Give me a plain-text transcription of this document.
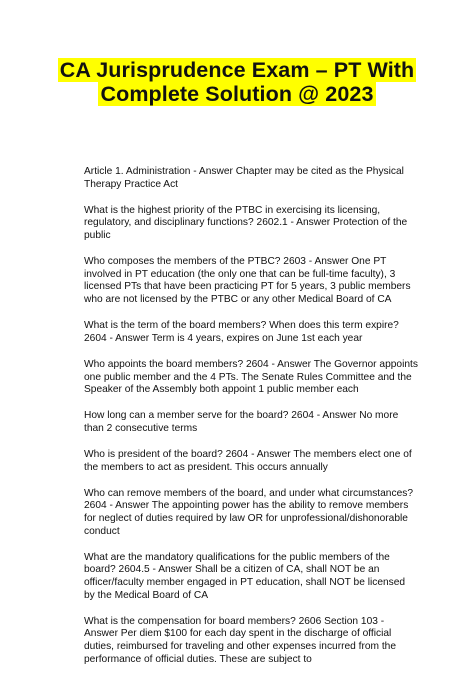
CA Jurisprudence Exam – PT With
Complete Solution @ 2023

Article 1. Administration - Answer Chapter may be cited as the Physical Therapy Practice Act

What is the highest priority of the PTBC in exercising its licensing, regulatory, and disciplinary functions? 2602.1 - Answer Protection of the public

Who composes the members of the PTBC? 2603 - Answer One PT involved in PT education (the only one that can be full-time faculty), 3 licensed PTs that have been practicing PT for 5 years, 3 public members who are not licensed by the PTBC or any other Medical Board of CA

What is the term of the board members? When does this term expire? 2604 - Answer Term is 4 years, expires on June 1st each year

Who appoints the board members? 2604 - Answer The Governor appoints one public member and the 4 PTs. The Senate Rules Committee and the Speaker of the Assembly both appoint 1 public member each

How long can a member serve for the board? 2604 - Answer No more than 2 consecutive terms

Who is president of the board? 2604 - Answer The members elect one of the members to act as president. This occurs annually

Who can remove members of the board, and under what circumstances? 2604 - Answer The appointing power has the ability to remove members for neglect of duties required by law OR for unprofessional/dishonorable conduct

What are the mandatory qualifications for the public members of the board? 2604.5 - Answer Shall be a citizen of CA, shall NOT be an officer/faculty member engaged in PT education, shall NOT be licensed by the Medical Board of CA

What is the compensation for board members? 2606 Section 103 - Answer Per diem $100 for each day spent in the discharge of official duties, reimbursed for traveling and other expenses incurred from the performance of official duties. These are subject to
